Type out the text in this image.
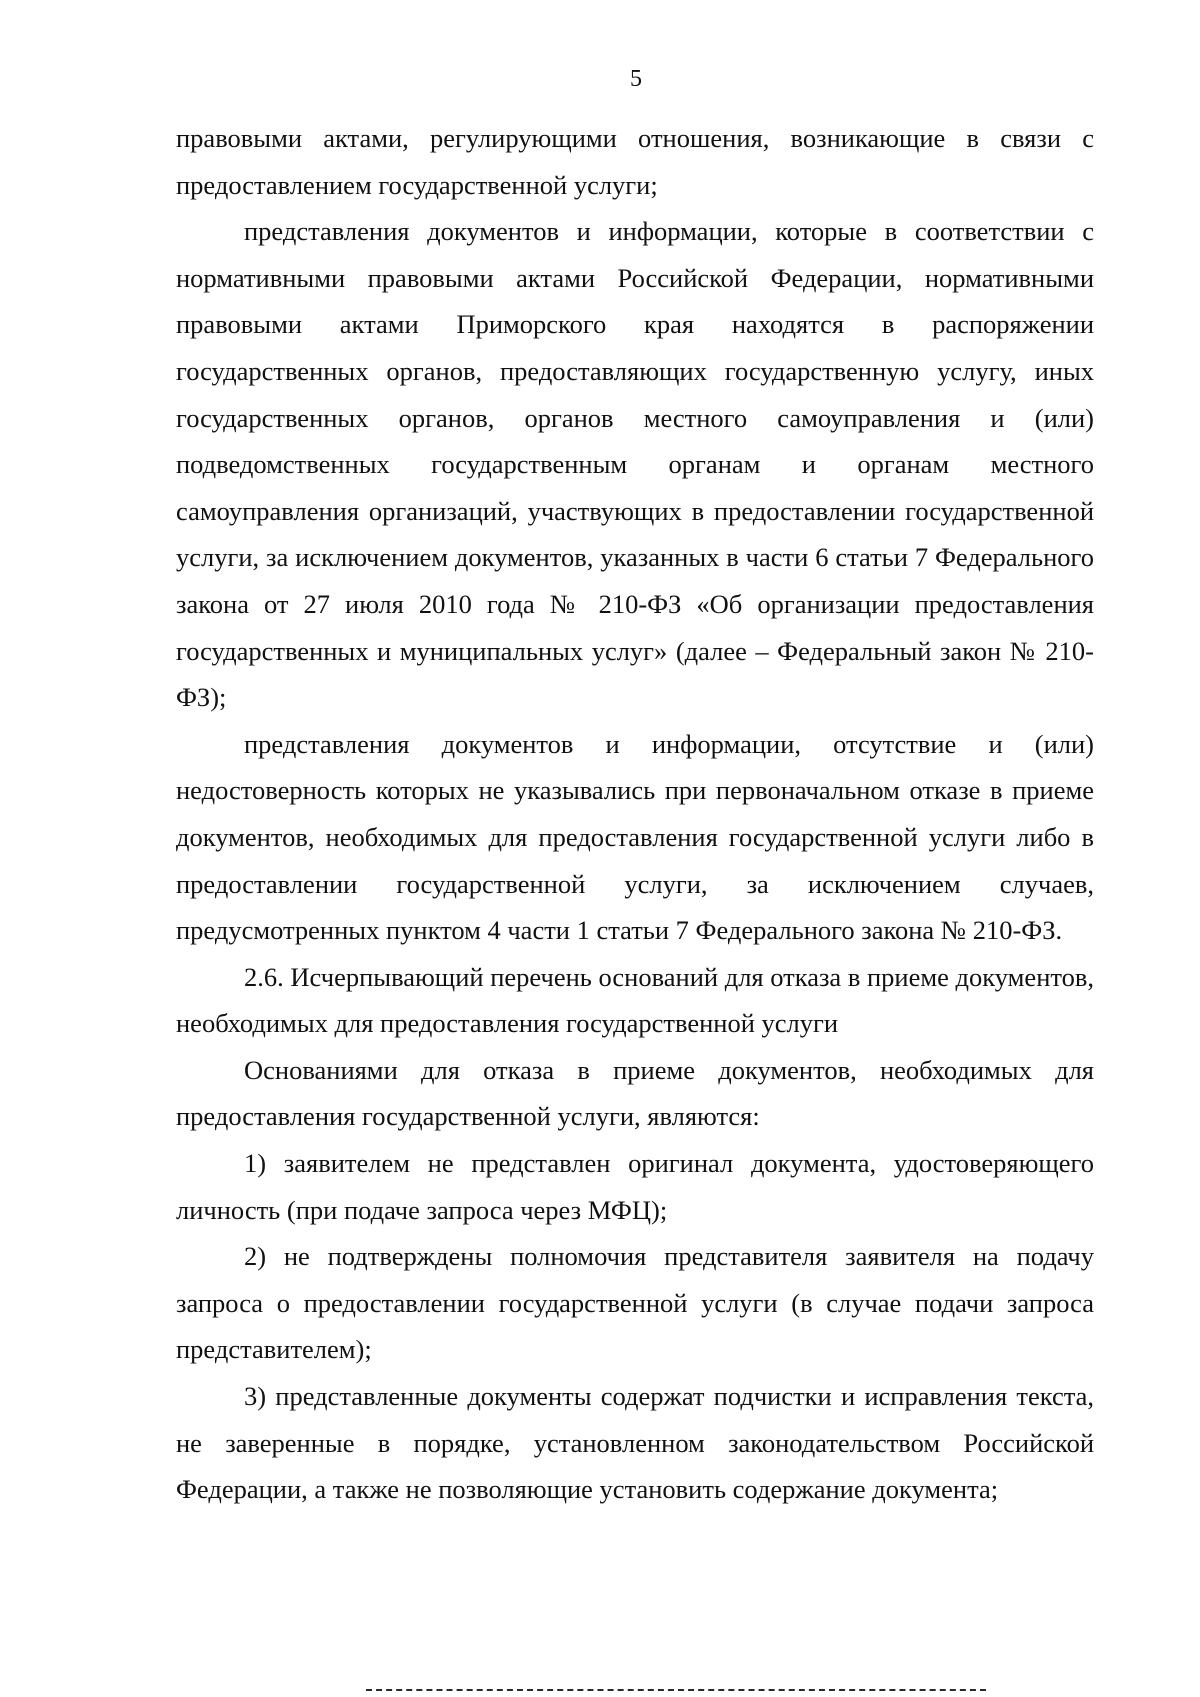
5

правовыми актами, регулирующими отношения, возникающие в связи с предоставлением государственной услуги;

представления документов и информации, которые в соответствии с нормативными правовыми актами Российской Федерации, нормативными правовыми актами Приморского края находятся в распоряжении государственных органов, предоставляющих государственную услугу, иных государственных органов, органов местного самоуправления и (или) подведомственных государственным органам и органам местного самоуправления организаций, участвующих в предоставлении государственной услуги, за исключением документов, указанных в части 6 статьи 7 Федерального закона от 27 июля 2010 года № 210-ФЗ «Об организации предоставления государственных и муниципальных услуг» (далее – Федеральный закон № 210-ФЗ);

представления документов и информации, отсутствие и (или) недостоверность которых не указывались при первоначальном отказе в приеме документов, необходимых для предоставления государственной услуги либо в предоставлении государственной услуги, за исключением случаев, предусмотренных пунктом 4 части 1 статьи 7 Федерального закона № 210-ФЗ.

2.6. Исчерпывающий перечень оснований для отказа в приеме документов, необходимых для предоставления государственной услуги

Основаниями для отказа в приеме документов, необходимых для предоставления государственной услуги, являются:

1) заявителем не представлен оригинал документа, удостоверяющего личность (при подаче запроса через МФЦ);

2) не подтверждены полномочия представителя заявителя на подачу запроса о предоставлении государственной услуги (в случае подачи запроса представителем);

3) представленные документы содержат подчистки и исправления текста, не заверенные в порядке, установленном законодательством Российской Федерации, а также не позволяющие установить содержание документа;
